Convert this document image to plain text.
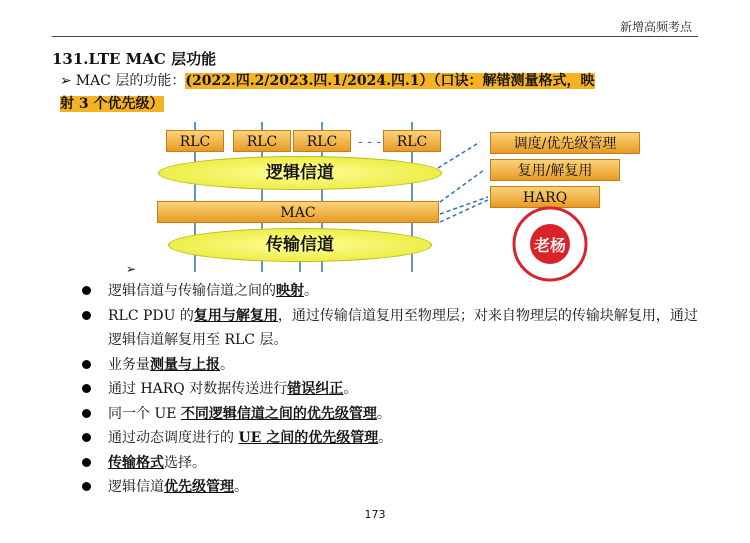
新增高频考点
131.LTE MAC 层功能
➢ MAC 层的功能：(2022.四.2/2023.四.1/2024.四.1）（口诀：解错测量格式，映
射 3 个优先级）
- - -
RLC	RLC	RLC	RLC
逻辑信道
MAC
传输信道
调度/优先级管理
复用/解复用
HARQ
老杨
➢
逻辑信道与传输信道之间的映射。
RLC PDU 的复用与解复用，通过传输信道复用至物理层；对来自物理层的传输块解复用，通过逻辑信道解复用至 RLC 层。
业务量测量与上报。
通过 HARQ 对数据传送进行错误纠正。
同一个 UE 不同逻辑信道之间的优先级管理。
通过动态调度进行的 UE 之间的优先级管理。
传输格式选择。
逻辑信道优先级管理。
173
